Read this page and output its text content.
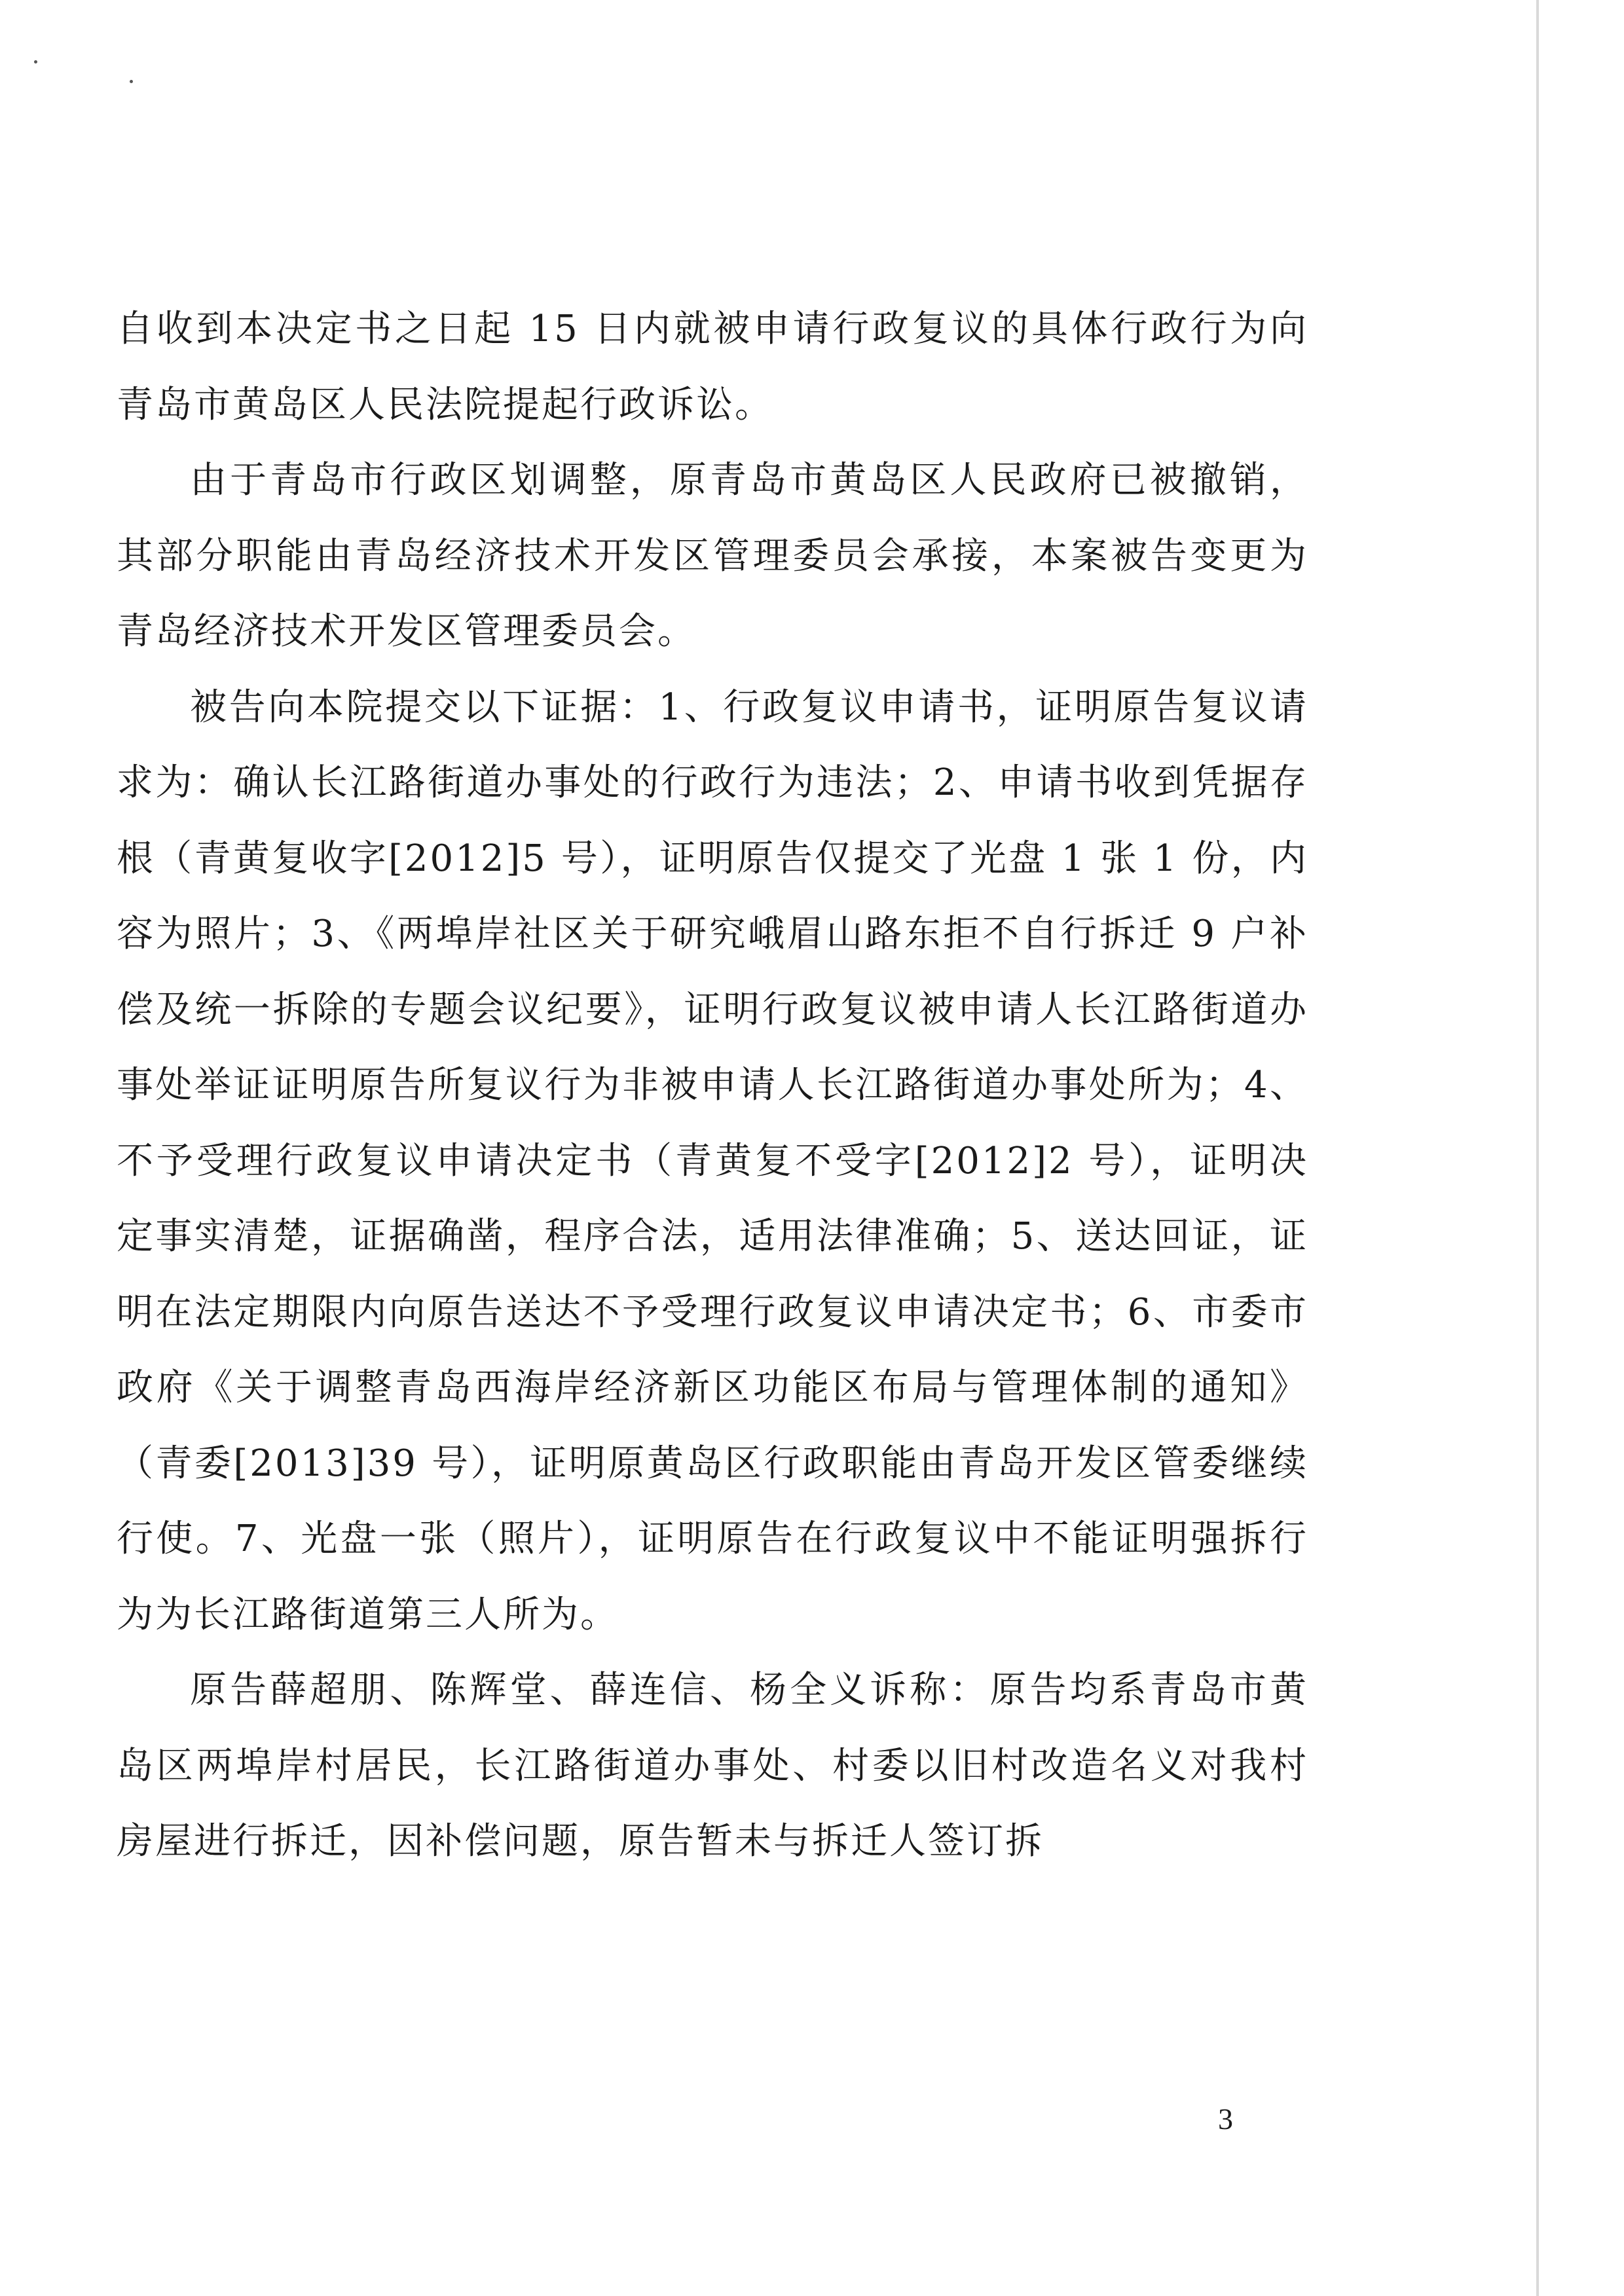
自收到本决定书之日起 15 日内就被申请行政复议的具体行政行为向青岛市黄岛区人民法院提起行政诉讼。

由于青岛市行政区划调整，原青岛市黄岛区人民政府已被撤销，其部分职能由青岛经济技术开发区管理委员会承接，本案被告变更为青岛经济技术开发区管理委员会。

被告向本院提交以下证据：1、行政复议申请书，证明原告复议请求为：确认长江路街道办事处的行政行为违法；2、申请书收到凭据存根（青黄复收字[2012]5 号），证明原告仅提交了光盘 1 张 1 份，内容为照片；3、《两埠岸社区关于研究峨眉山路东拒不自行拆迁 9 户补偿及统一拆除的专题会议纪要》，证明行政复议被申请人长江路街道办事处举证证明原告所复议行为非被申请人长江路街道办事处所为；4、不予受理行政复议申请决定书（青黄复不受字[2012]2 号），证明决定事实清楚，证据确凿，程序合法，适用法律准确；5、送达回证，证明在法定期限内向原告送达不予受理行政复议申请决定书；6、市委市政府《关于调整青岛西海岸经济新区功能区布局与管理体制的通知》（青委[2013]39 号），证明原黄岛区行政职能由青岛开发区管委继续行使。7、光盘一张（照片），证明原告在行政复议中不能证明强拆行为为长江路街道第三人所为。

原告薛超朋、陈辉堂、薛连信、杨全义诉称：原告均系青岛市黄岛区两埠岸村居民，长江路街道办事处、村委以旧村改造名义对我村房屋进行拆迁，因补偿问题，原告暂未与拆迁人签订拆

3
